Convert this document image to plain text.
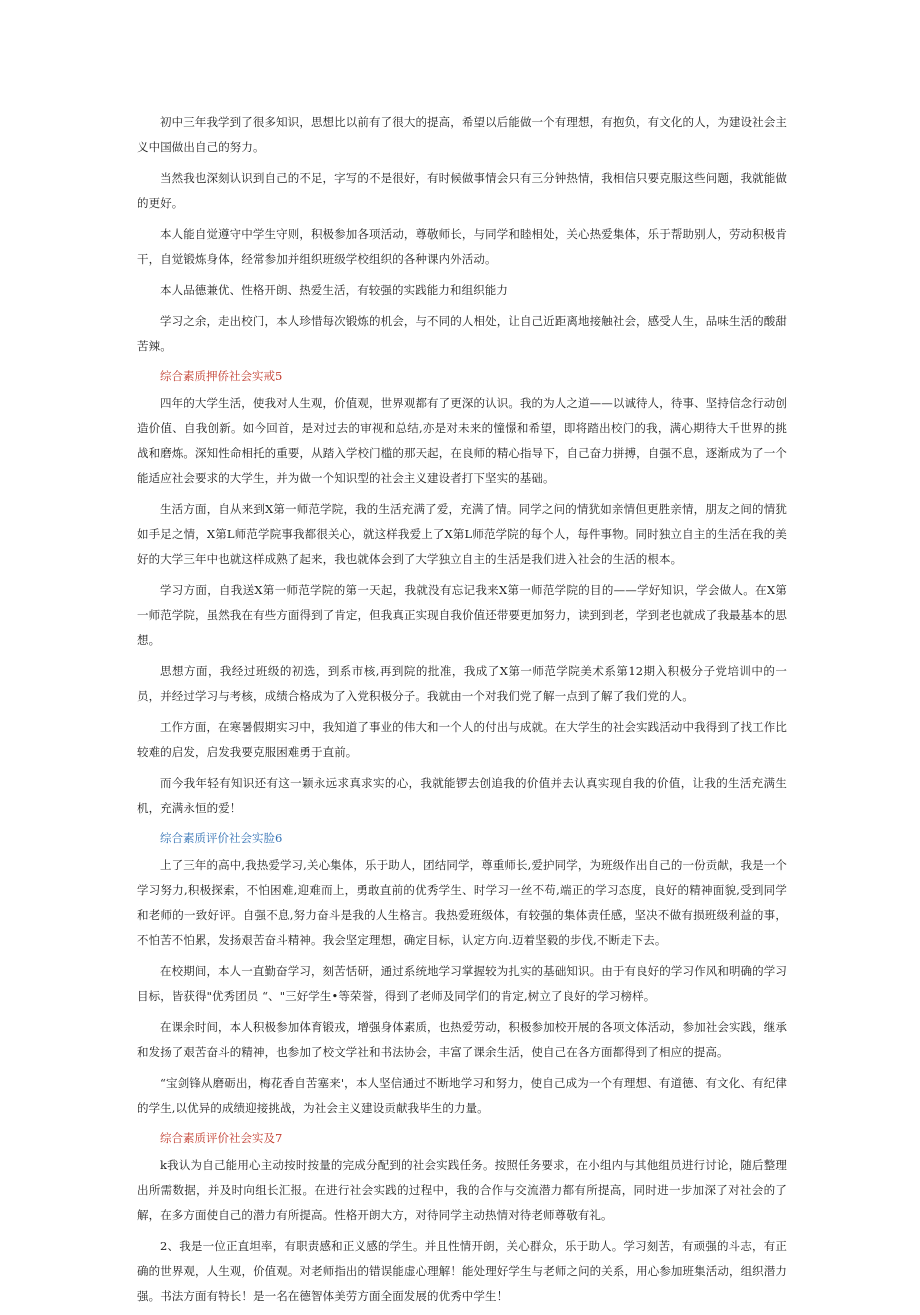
初中三年我学到了很多知识，思想比以前有了很大的提高，希望以后能做一个有理想，有抱负，有文化的人，为建设社会主义中国做出自己的努力。

当然我也深刻认识到自己的不足，字写的不是很好，有时候做事情会只有三分钟热情，我相信只要克服这些问题，我就能做的更好。

本人能自觉遵守中学生守则，积极参加各项活动，尊敬师长，与同学和睦相处，关心热爱集体，乐于帮助别人，劳动积极肯干，自觉锻炼身体，经常参加并组织班级学校组织的各种课内外活动。

本人品德兼优、性格开朗、热爱生活，有较强的实践能力和组织能力

学习之余，走出校门，本人珍惜每次锻炼的机会，与不同的人相处，让自己近距离地接触社会，感受人生，品味生活的酸甜苦辣。

综合素质押侨社会实戒5

四年的大学生活，使我对人生观，价值观，世界观都有了更深的认识。我的为人之道——以诚待人，待事、坚持信念行动创造价值、自我创新。如今回首，是对过去的审视和总结,亦是对未来的憧憬和希望，即将踏出校门的我，满心期待大千世界的挑战和磨炼。深知性命相托的重要，从踏入学校门槛的那天起，在良师的精心指导下，自己奋力拼搏，自强不息，逐渐成为了一个能适应社会要求的大学生，并为做一个知识型的社会主义建设者打下坚实的基础。

生活方面，自从来到X第一师范学院，我的生活充满了爱，充满了情。同学之问的情犹如亲情但更胜亲情，朋友之间的情犹如手足之情，X第L师范学院事我都很关心，就这样我爱上了X第L师范学院的每个人，每件事物。同时独立自主的生活在我的美好的大学三年中也就这样成熟了起来，我也就体会到了大学独立自主的生活是我们进入社会的生活的根本。

学习方面，自我送X第一师范学院的第一天起，我就没有忘记我来X第一师范学院的目的——学好知识，学会做人。在X第一师范学院，虽然我在有些方面得到了肯定，但我真正实现自我价值还带要更加努力，读到到老，学到老也就成了我最基本的思想。

思想方面，我经过班级的初选，到系市核,再到院的批准，我成了X第一师范学院美术系第12期入积极分子党培训中的一员，并经过学习与考核，成绩合格成为了入党积极分子。我就由一个对我们党了解一点到了解了我们党的人。

工作方面，在寒暑假期实习中，我知道了事业的伟大和一个人的付出与成就。在大学生的社会实践活动中我得到了找工作比较难的启发，启发我要克服困难勇于直前。

而今我年轻有知识还有这一颖永远求真求实的心，我就能锣去创追我的价值并去认真实现自我的价值，让我的生活充满生机，充满永恒的爱！

综合素质评价社会实脸6

上了三年的高中,我热爱学习,关心集体，乐于助人，团结同学，尊重师长,爱护同学，为班级作出自己的一份贡献，我是一个学习努力,积极探索，不怕困难,迎难而上，勇敢直前的优秀学生、时学习一丝不苟,端正的学习态度，良好的精神面貌,受到同学和老师的一致好评。自强不息,努力奋斗是我的人生格言。我热爱班级体，有较强的集体责任感，坚决不做有损班级利益的事，不怕苦不怕累，发扬艰苦奋斗精神。我会坚定理想，确定目标，认定方向.迈着坚毅的步伐,不断走下去。

在校期间，本人一直勤奋学习，刻苦恬研，通过系统地学习掌握较为扎实的基础知识。由于有良好的学习作风和明确的学习目标，皆获得"优秀团员 “、"三好学生•等荣誉，得到了老师及同学们的肯定,树立了良好的学习榜样。

在课余时间，本人积极参加体育锻戎，增强身体素质，也热爱劳动，积极参加校开展的各项文体活动，参加社会实践，继承和发扬了艰苦奋斗的精神，也参加了校文学社和书法协会，丰富了课余生活，使自己在各方面都得到了相应的提高。

“宝剑锋从磨砺出，梅花香自苦塞来'，本人坚信通过不断地学习和努力，使自己成为一个有理想、有道德、有文化、有纪律的学生,以优异的成绩迎接挑战，为社会主义建设贡献我毕生的力量。

综合素质评价社会实及7

k我认为自己能用心主动按时按量的完成分配到的社会实践任务。按照任务要求，在小组内与其他组员进行讨论，随后整理出所需数据，并及时向组长汇报。在进行社会实践的过程中，我的合作与交流潜力都有所提高，同时进一步加深了对社会的了解，在多方面使自己的潜力有所提高。性格开朗大方，对待同学主动热情对待老师尊敬有礼。

2、我是一位正直坦率，有职责感和正义感的学生。并且性情开朗，关心群众，乐于助人。学习刻苦，有顽强的斗志，有正确的世界观，人生观，价值观。对老师指出的错误能虚心理解！能处理好学生与老师之问的关系，用心参加班集活动，组织潜力强。书法方面有特长！是一名在德智体美劳方面全面发展的优秀中学生！
